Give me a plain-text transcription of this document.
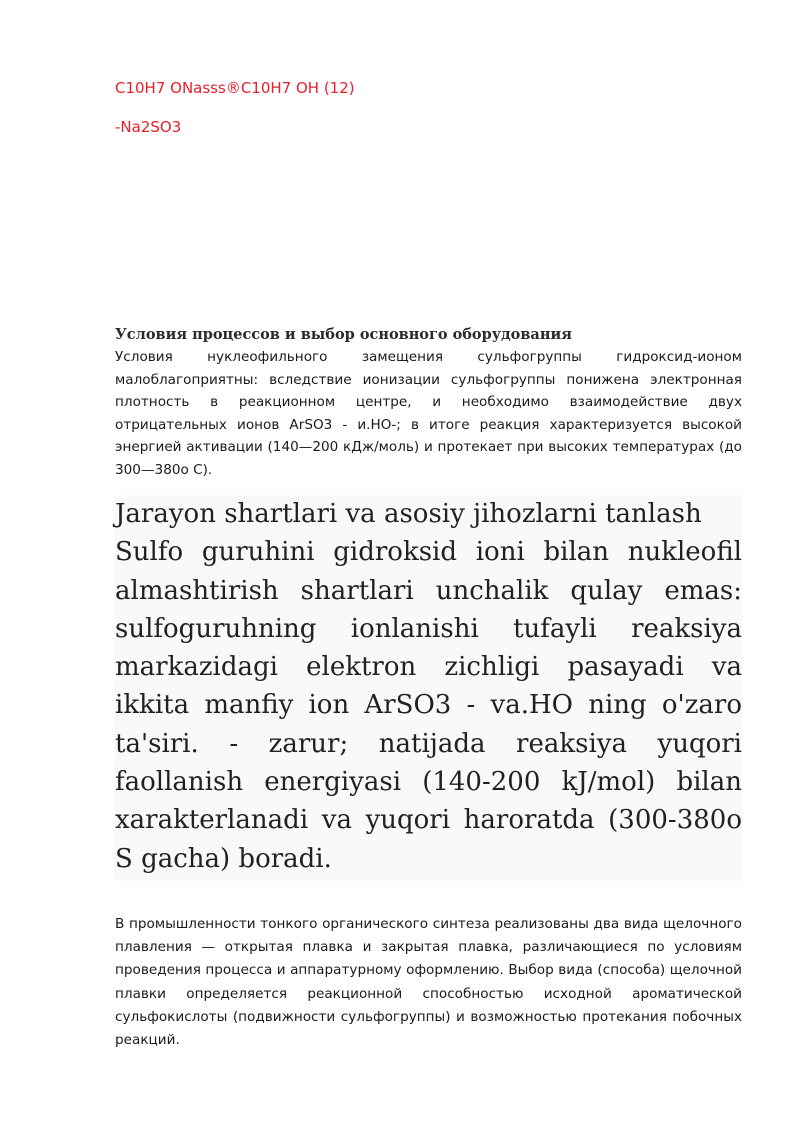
C10H7 ONasss®C10H7 OH (12)
-Na2SO3

Условия процессов и выбор основного оборудования

Условия нуклеофильного замещения сульфогруппы гидроксид-ионом малоблагоприятны: вследствие ионизации сульфогруппы понижена электронная плотность в реакционном центре, и необходимо взаимодействие двух отрицательных ионов ArSO3 - и.НО-; в итоге реакция характеризуется высокой энергией активации (140—200 кДж/моль) и протекает при высоких температурах (до 300—380о С).

Jarayon shartlari va asosiy jihozlarni tanlash
Sulfo guruhini gidroksid ioni bilan nukleofil almashtirish shartlari unchalik qulay emas: sulfoguruhning ionlanishi tufayli reaksiya markazidagi elektron zichligi pasayadi va ikkita manfiy ion ArSO3 - va.HO ning o'zaro ta'siri. - zarur; natijada reaksiya yuqori faollanish energiyasi (140-200 kJ/mol) bilan xarakterlanadi va yuqori haroratda (300-380o S gacha) boradi.

В промышленности тонкого органического синтеза реализованы два вида щелочного плавления — открытая плавка и закрытая плавка, различающиеся по условиям проведения процесса и аппаратурному оформлению. Выбор вида (способа) щелочной плавки определяется реакционной способностью исходной ароматической сульфокислоты (подвижности сульфогруппы) и возможностью протекания побочных реакций.
